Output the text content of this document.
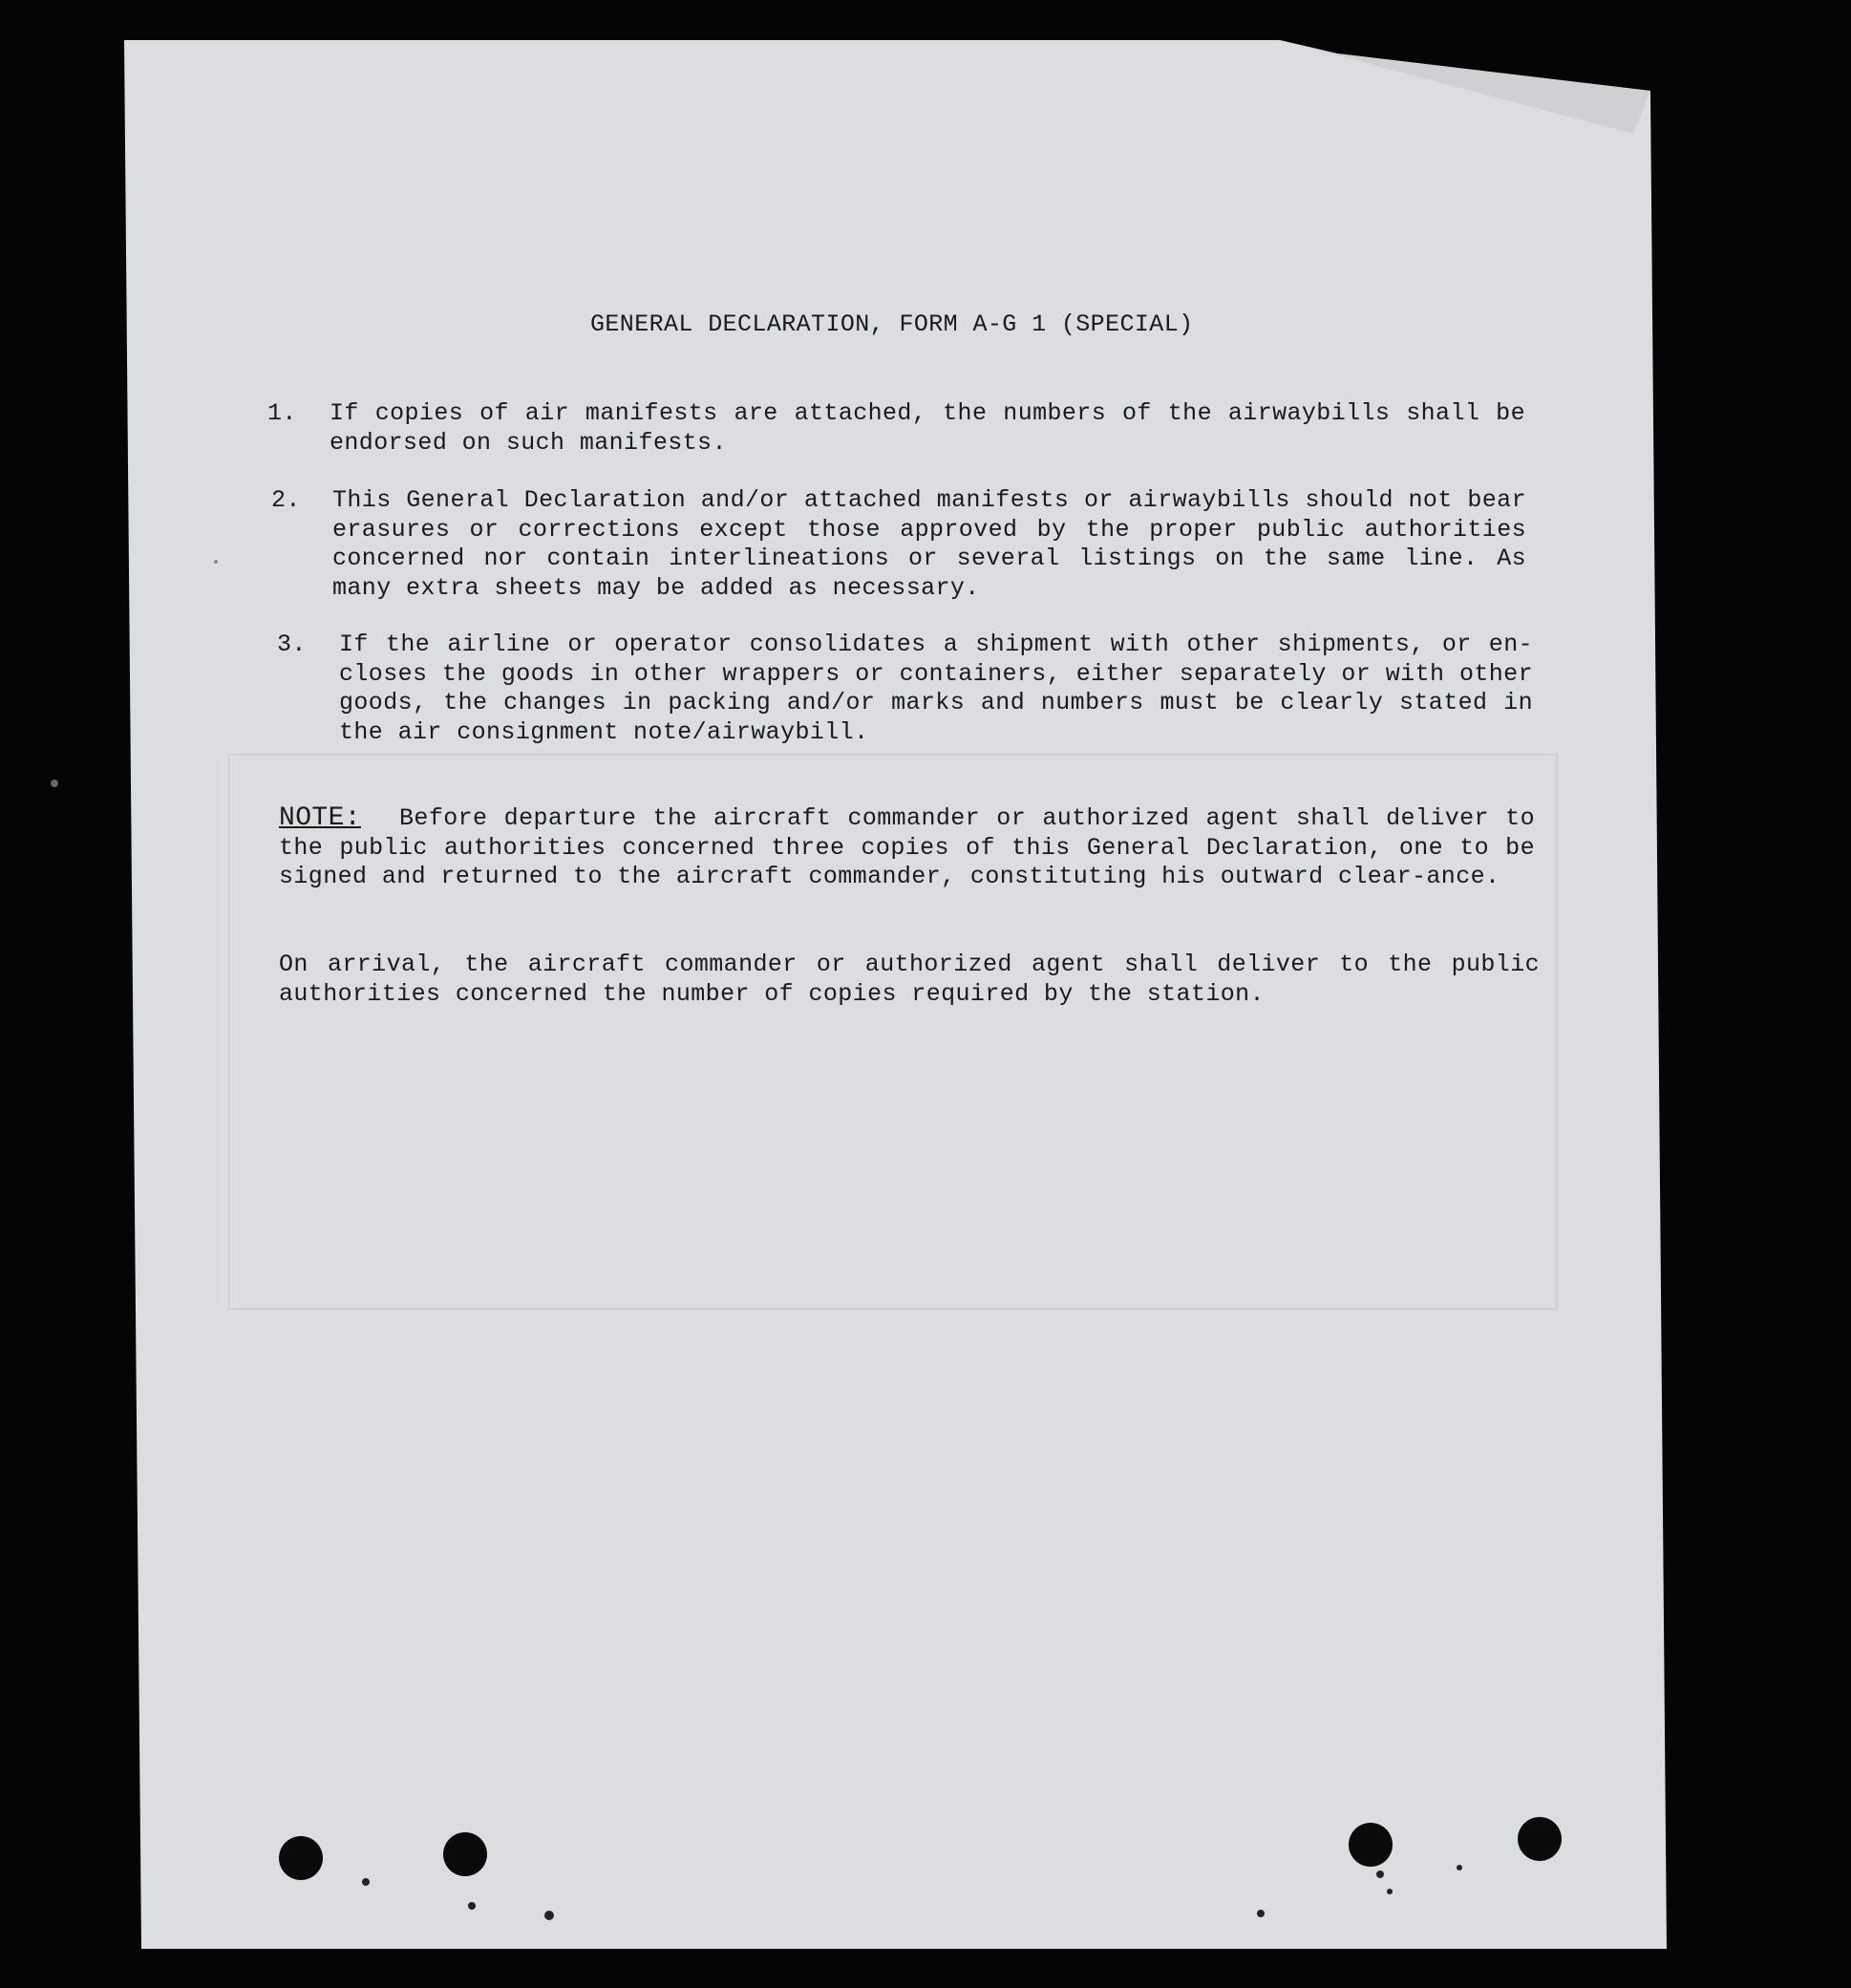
GENERAL DECLARATION, FORM A-G 1 (SPECIAL)
1. If copies of air manifests are attached, the numbers of the airwaybills shall be endorsed on such manifests.
2. This General Declaration and/or attached manifests or airwaybills should not bear erasures or corrections except those approved by the proper public authorities concerned nor contain interlineations or several listings on the same line. As many extra sheets may be added as necessary.
3. If the airline or operator consolidates a shipment with other shipments, or en-closes the goods in other wrappers or containers, either separately or with other goods, the changes in packing and/or marks and numbers must be clearly stated in the air consignment note/airwaybill.
NOTE: Before departure the aircraft commander or authorized agent shall deliver to the public authorities concerned three copies of this General Declaration, one to be signed and returned to the aircraft commander, constituting his outward clear-ance.
On arrival, the aircraft commander or authorized agent shall deliver to the public authorities concerned the number of copies required by the station.
